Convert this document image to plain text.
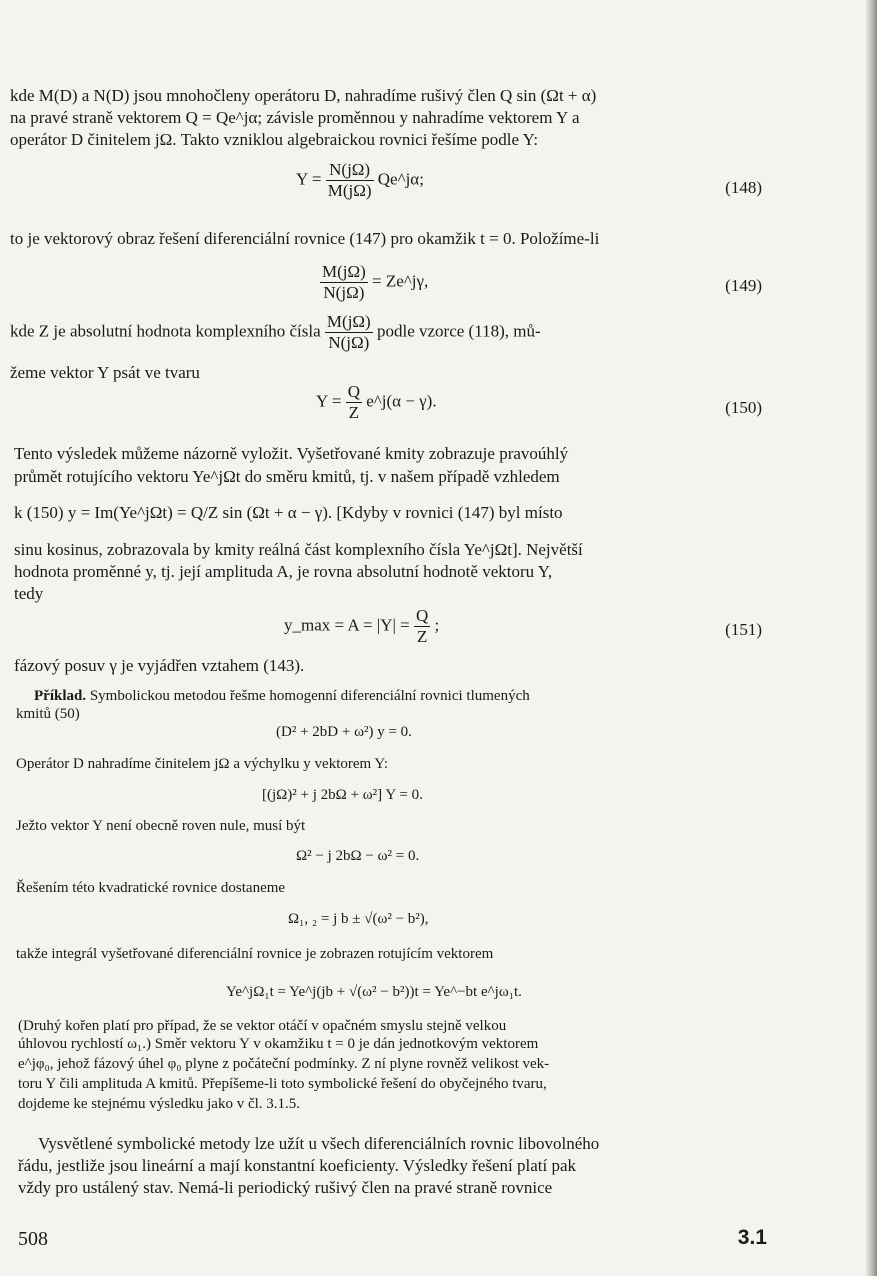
kde M(D) a N(D) jsou mnohočleny operátoru D, nahradíme rušivý člen Q sin (Ωt + α)
na pravé straně vektorem Q = Qe^jα; závisle proměnnou y nahradíme vektorem Y a
operátor D činitelem jΩ. Takto vzniklou algebraickou rovnici řešíme podle Y:
$Y = \frac{N(j\Omega)}{M(j\Omega)}$ Qe^jα;	(148)
to je vektorový obraz řešení diferenciální rovnice (147) pro okamžik t = 0. Položíme-li
$\frac{M(j\Omega)}{N(j\Omega)}$ = Ze^jγ,	(149)
kde Z je absolutní hodnota komplexního čísla $\frac{M(j\Omega)}{N(j\Omega)}$ podle vzorce (118), mů-
žeme vektor Y psát ve tvaru
$Y = \frac{Q}{Z}$ e^j(α − γ).	(150)
Tento výsledek můžeme názorně vyložit. Vyšetřované kmity zobrazuje pravoúhlý
průmět rotujícího vektoru Ye^jΩt do směru kmitů, tj. v našem případě vzhledem
k (150) y = Im(Ye^jΩt) = Q/Z sin (Ωt + α − γ). [Kdyby v rovnici (147) byl místo
sinu kosinus, zobrazovala by kmity reálná část komplexního čísla Ye^jΩt]. Největší
hodnota proměnné y, tj. její amplituda A, je rovna absolutní hodnotě vektoru Y,
tedy
y_max = $A = |Y| = \frac{Q}{Z}$ ;	(151)
fázový posuv γ je vyjádřen vztahem (143).
Příklad. Symbolickou metodou řešme homogenní diferenciální rovnici tlumených
kmitů (50)
(D² + 2bD + ω²) y = 0.
Operátor D nahradíme činitelem jΩ a výchylku y vektorem Y:
[(jΩ)² + j 2bΩ + ω²] Y = 0.
Ježto vektor Y není obecně roven nule, musí být
Ω² − j 2bΩ − ω² = 0.
Řešením této kvadratické rovnice dostaneme
Ω₁, ₂ = j b ± √(ω² − b²),
takže integrál vyšetřované diferenciální rovnice je zobrazen rotujícím vektorem
Ye^jΩ₁t = Ye^j(jb + √(ω² − b²))t = Ye^−bt e^jω₁t.
(Druhý kořen platí pro případ, že se vektor otáčí v opačném smyslu stejně velkou
úhlovou rychlostí ω₁.) Směr vektoru Y v okamžiku t = 0 je dán jednotkovým vektorem
e^jφ₀, jehož fázový úhel φ₀ plyne z počáteční podmínky. Z ní plyne rovněž velikost vek-
toru Y čili amplituda A kmitů. Přepíšeme-li toto symbolické řešení do obyčejného tvaru,
dojdeme ke stejnému výsledku jako v čl. 3.1.5.
Vysvětlené symbolické metody lze užít u všech diferenciálních rovnic libovolného
řádu, jestliže jsou lineární a mají konstantní koeficienty. Výsledky řešení platí pak
vždy pro ustálený stav. Nemá-li periodický rušivý člen na pravé straně rovnice
508	3.1
